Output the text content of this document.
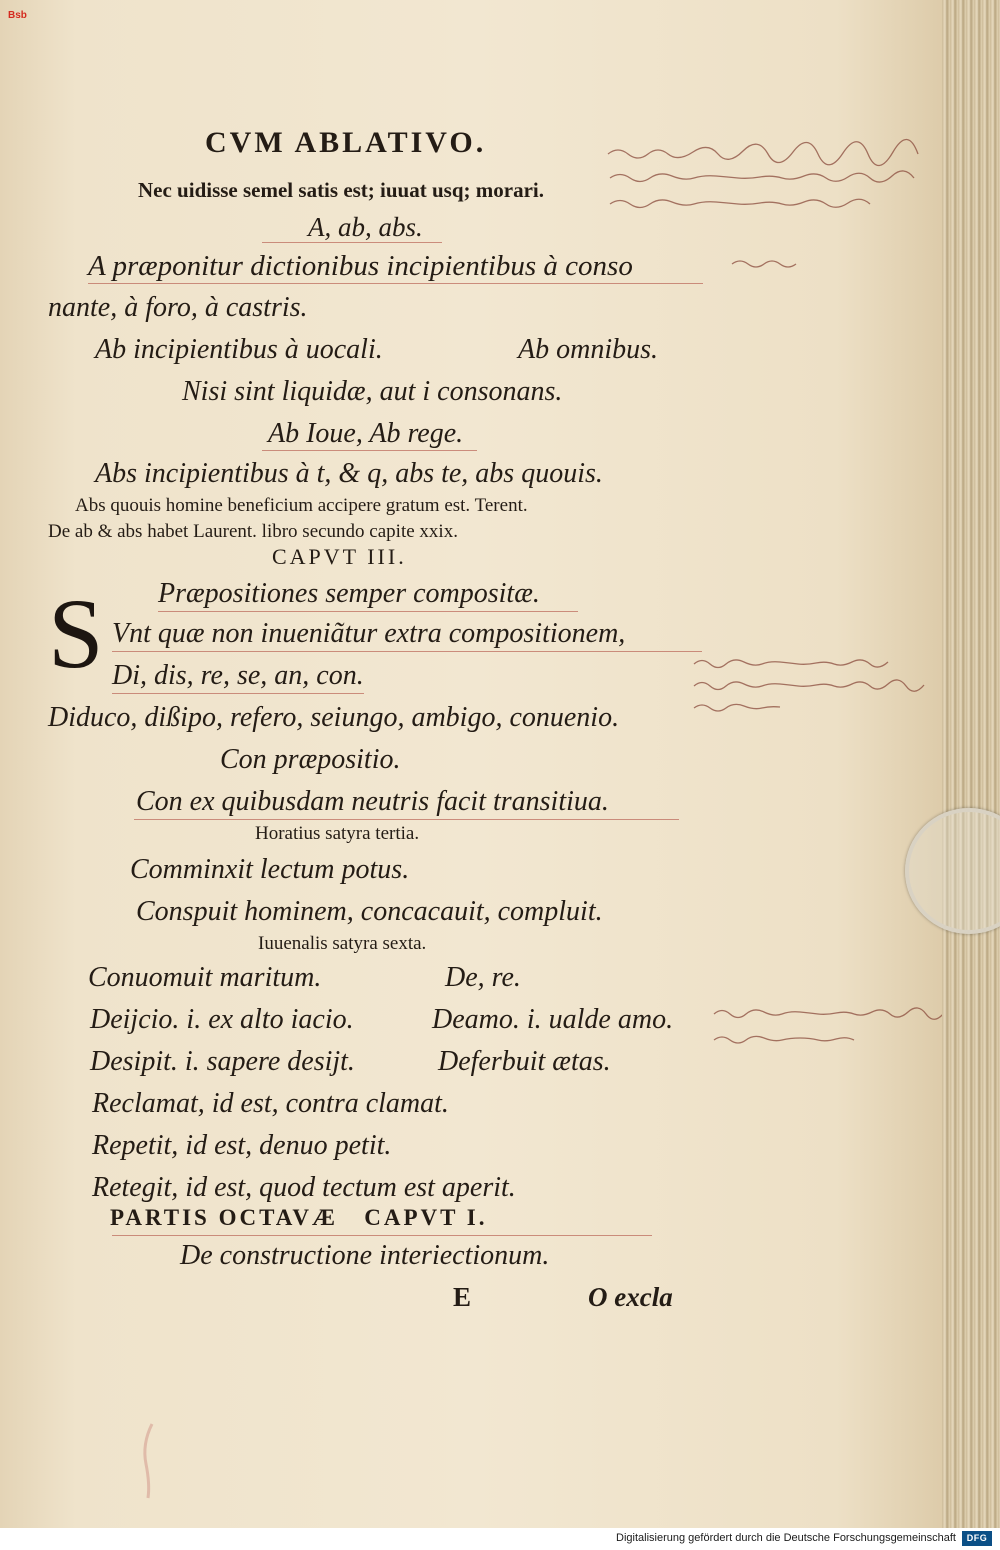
Bsb
CVM ABLATIVO.
Nec uidisse semel satis est; iuuat usq; morari.
A, ab, abs.
A præponitur dictionibus incipientibus à conso
nante, à foro, à castris.
Ab incipientibus à uocali.	Ab omnibus.
Nisi sint liquidæ, aut i consonans.
Ab Ioue, Ab rege.
Abs incipientibus à t, & q, abs te, abs quouis.
Abs quouis homine beneficium accipere gratum est. Terent.
De ab & abs habet Laurent. libro secundo capite xxix.
CAPVT III.
Præpositiones semper compositæ.
S Vnt quæ non inueniãtur extra compositionem,
Di, dis, re, se, an, con.
Diduco, dißipo, refero, seiungo, ambigo, conuenio.
Con præpositio.
Con ex quibusdam neutris facit transitiua.
Horatius satyra tertia.
Comminxit lectum potus.
Conspuit hominem, concacauit, compluit.
Iuuenalis satyra sexta.
Conuomuit maritum.	De, re.
Deijcio. i. ex alto iacio.	Deamo. i. ualde amo.
Desipit. i. sapere desijt.	Deferbuit ætas.
Reclamat, id est, contra clamat.
Repetit, id est, denuo petit.
Retegit, id est, quod tectum est aperit.
PARTIS OCTAVÆ   CAPVT I.
De constructione interiectionum.
E	O excla
Digitalisierung gefördert durch die Deutsche Forschungsgemeinschaft	DFG
